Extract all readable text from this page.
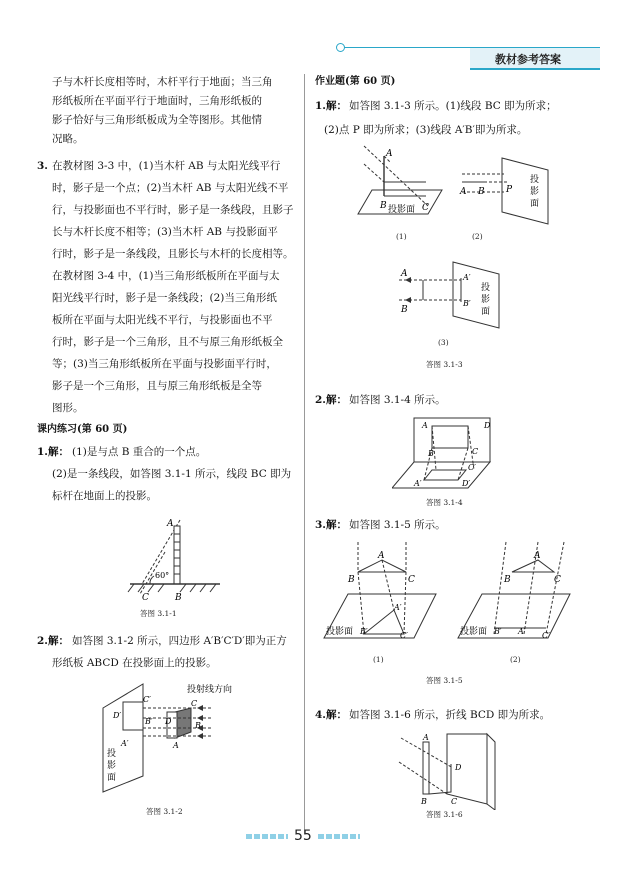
教材参考答案
子与木杆长度相等时，木杆平行于地面；当三角
形纸板所在平面平行于地面时，三角形纸板的
影子恰好与三角形纸板成为全等图形。其他情
况略。
3. 在教材图 3-3 中，(1)当木杆 AB 与太阳光线平行
时，影子是一个点；(2)当木杆 AB 与太阳光线不平
行，与投影面也不平行时，影子是一条线段，且影子
长与木杆长度不相等；(3)当木杆 AB 与投影面平
行时，影子是一条线段，且影长与木杆的长度相等。
在教材图 3-4 中，(1)当三角形纸板所在平面与太
阳光线平行时，影子是一条线段；(2)当三角形纸
板所在平面与太阳光线不平行，与投影面也不平
行时，影子是一个三角形，且不与原三角形纸板全
等；(3)当三角形纸板所在平面与投影面平行时，
影子是一个三角形，且与原三角形纸板是全等
图形。
课内练习(第 60 页)
1.解： (1)是与点 B 重合的一个点。
(2)是一条线段，如答图 3.1-1 所示，线段 BC 即为
标杆在地面上的投影。
A
C	B
60°
答图 3.1-1
2.解： 如答图 3.1-2 所示，四边形 A′B′C′D′即为正方
形纸板 ABCD 在投影面上的投影。
投射线方向
C′
D′
B′
A′
C
D	B
A
投
影
面
答图 3.1-2
作业题(第 60 页)
1.解： 如答图 3.1-3 所示。(1)线段 BC 即为所求；
(2)点 P 即为所求；(3)线段 A′B′即为所求。
A
B	C
投影面
(1)
A B P
投
影
面
(2)
A
B
A′
B′
投
影
面
(3)
答图 3.1-3
2.解： 如答图 3.1-4 所示。
A	D
B	C
A′
C′
D′
答图 3.1-4
3.解： 如答图 3.1-5 所示。
A
B	C
A′
C′
投影面 B′
(1)
A
B	C
投影面 B′ A′ C′
(2)
答图 3.1-5
4.解： 如答图 3.1-6 所示，折线 BCD 即为所求。
A
B	C
D
答图 3.1-6
55
